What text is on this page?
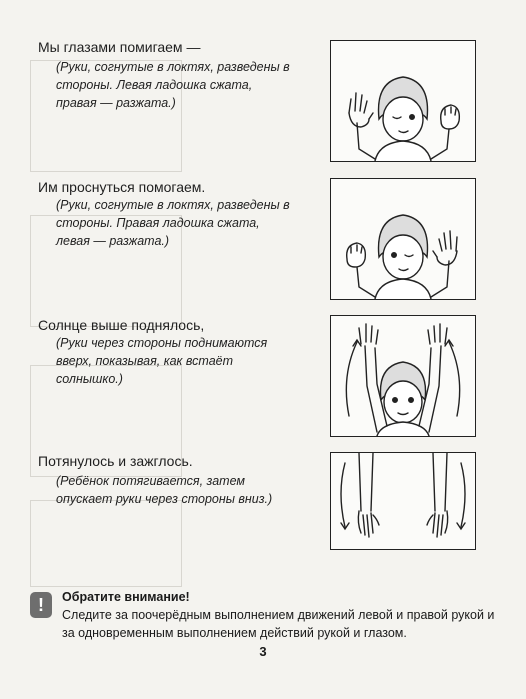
Мы глазами помигаем —
(Руки, согнутые в локтях, разведены в стороны. Левая ладошка сжата, правая — разжата.)
Им проснуться помогаем.
(Руки, согнутые в локтях, разведены в стороны. Правая ладошка сжата, левая — разжата.)
Солнце выше поднялось,
(Руки через стороны поднимаются вверх, показывая, как встаёт солнышко.)
Потянулось и зажглось.
(Ребёнок потягивается, затем опускает руки через стороны вниз.)
!	Обратите внимание!
Следите за поочерёдным выполнением движений левой и правой рукой и за одновременным выполнением действий рукой и глазом.
3
